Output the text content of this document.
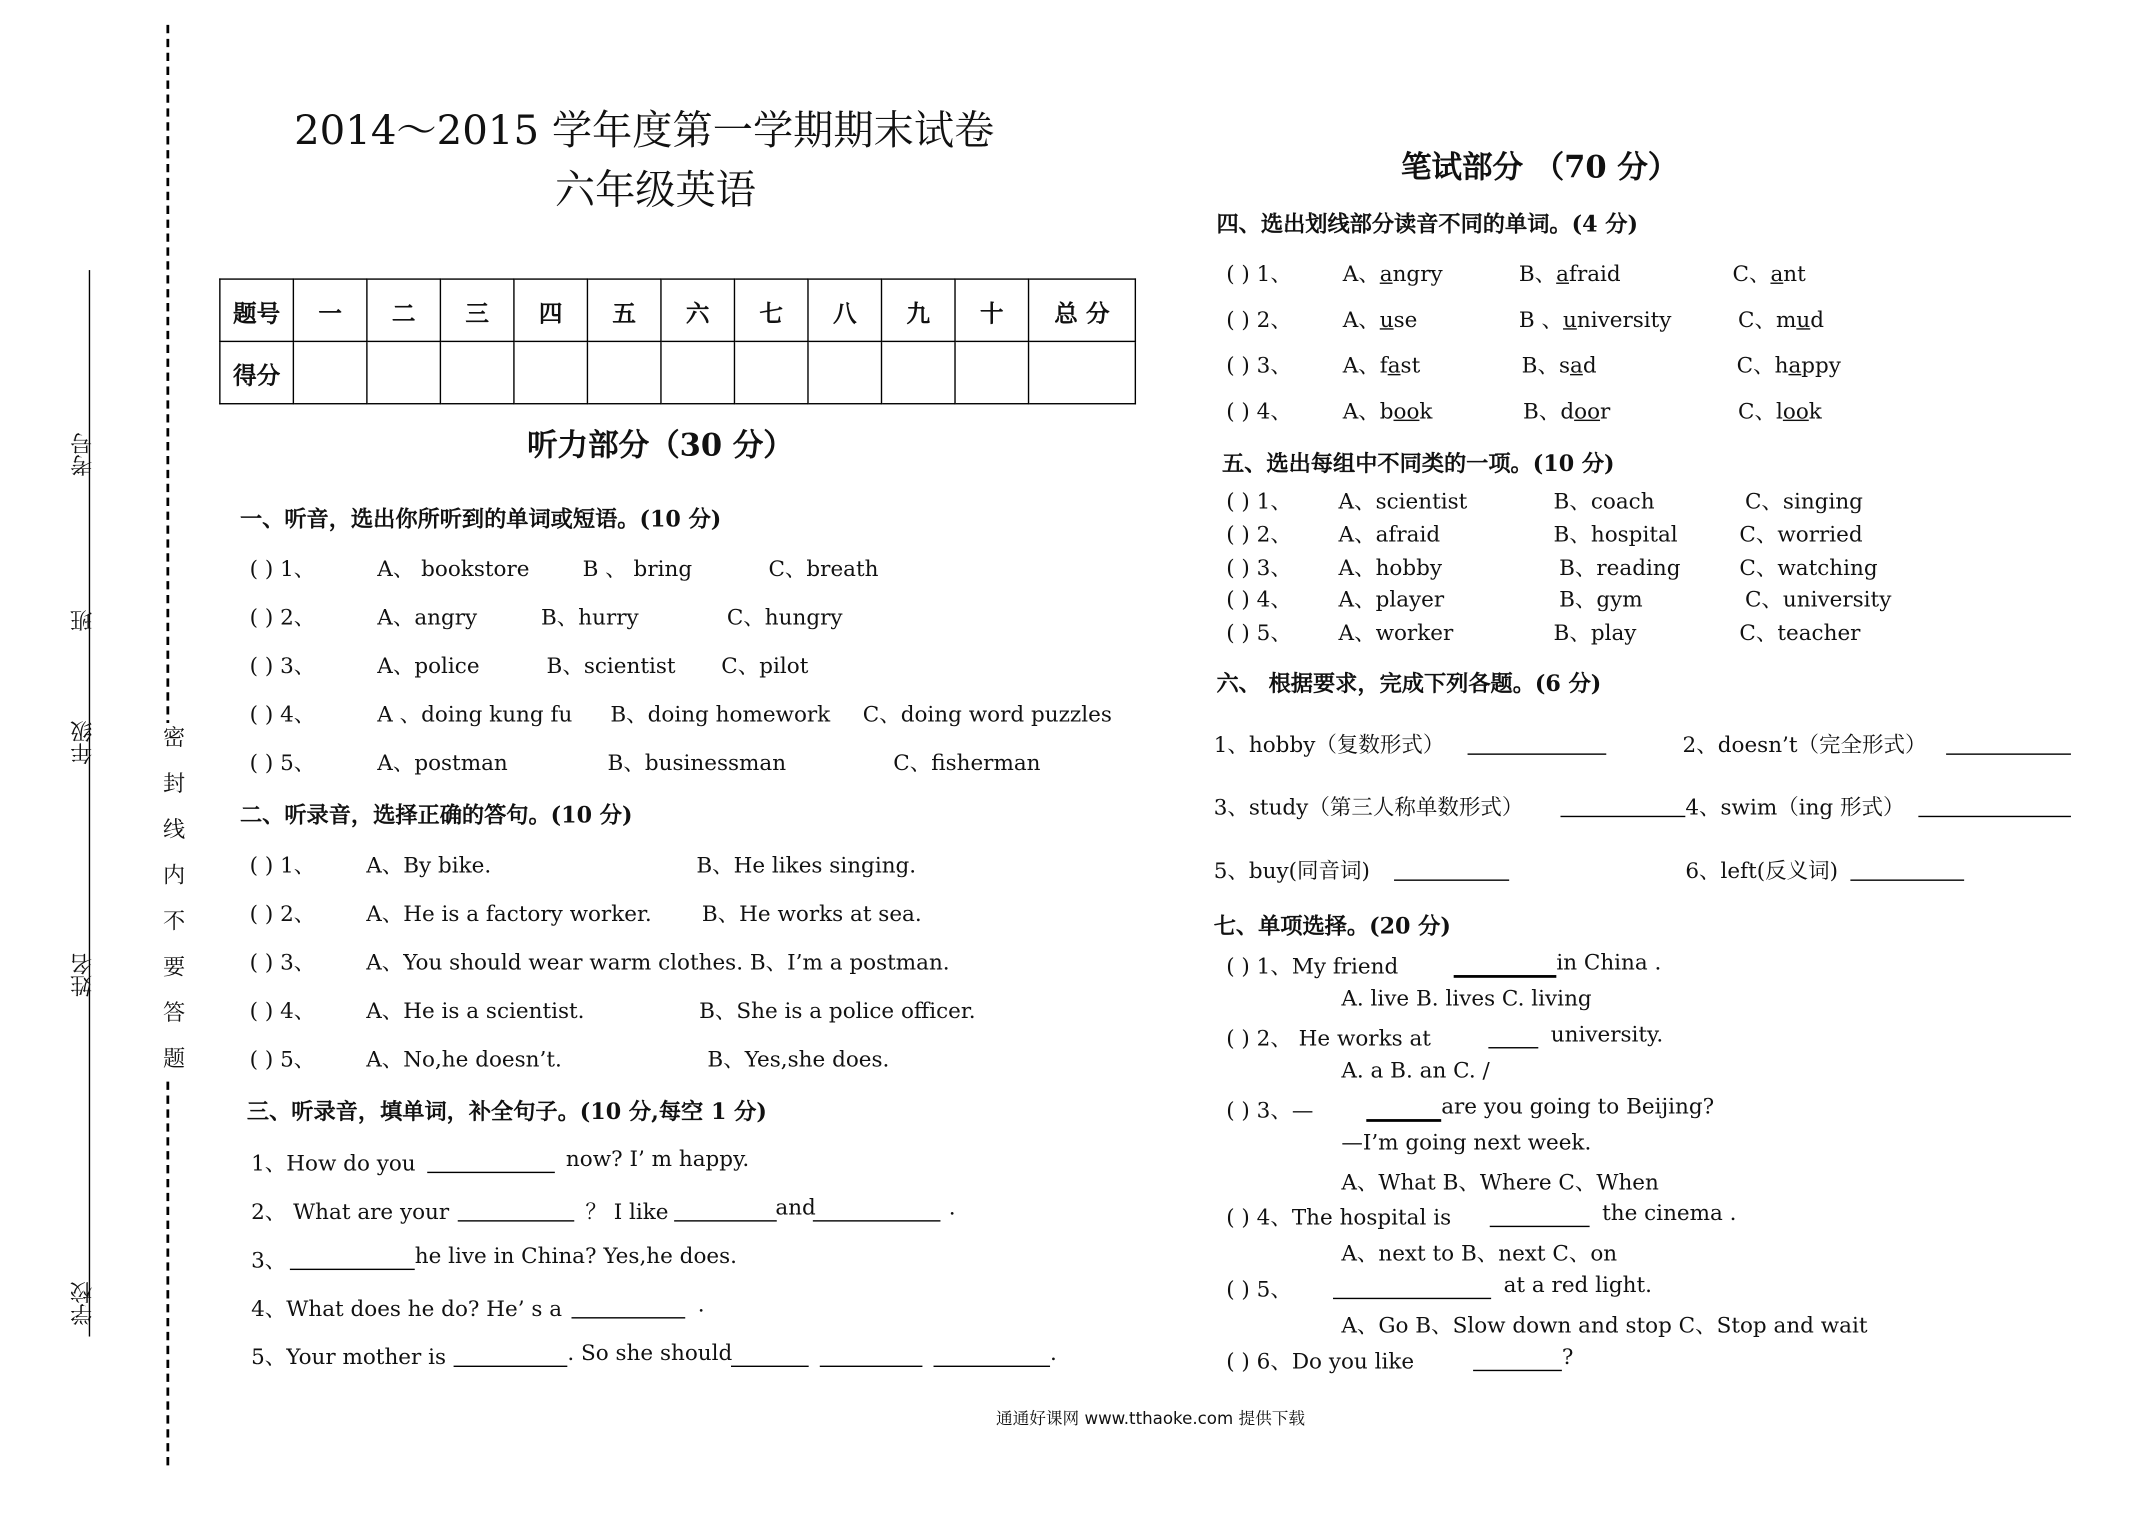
学校
姓名
年级
班
考号
密 封 线 内 不 要 答 题
2014～2015 学年度第一学期期末试卷
六年级英语
题号	一	二	三	四	五	六	七	八	九	十	总 分
得分											
听力部分（30 分）
一、听音，选出你所听到的单词或短语。(10 分)
( ) 1、	A、 bookstore	B 、 bring	C、breath
( ) 2、	A、angry	B、hurry	C、hungry
( ) 3、	A、police	B、scientist	C、pilot
( ) 4、	A 、doing kung fu B、doing homework C、doing word puzzles
( ) 5、	A、postman	B、businessman	C、fisherman
二、听录音，选择正确的答句。(10 分)
( ) 1、	A、By bike.	B、He likes singing.
( ) 2、	A、He is a factory worker.	B、He works at sea.
( ) 3、	A、You should wear warm clothes. B、I’m a postman.
( ) 4、	A、He is a scientist.	B、She is a police officer.
( ) 5、	A、No,he doesn’t.	B、Yes,she does.
三、听录音，填单词，补全句子。(10 分,每空 1 分)
1、How do you	now? I’ m happy.
2、 What are your	？ I like	and	.
3、	he live in China? Yes,he does.
4、What does he do? He’ s a	.
5、Your mother is	. So she should	.
笔试部分 （70 分）
四、选出划线部分读音不同的单词。(4 分)
( ) 1、	A、angry	B、afraid	C、ant
( ) 2、	A、use	B 、university	C、mud
( ) 3、	A、fast	B、sad	C、happy
( ) 4、	A、book	B、door	C、look
五、选出每组中不同类的一项。(10 分)
( ) 1、	A、scientist	B、coach	C、singing
( ) 2、	A、afraid	B、hospital	C、worried
( ) 3、	A、hobby	B、reading	C、watching
( ) 4、	A、player	B、gym	C、university
( ) 5、	A、worker	B、play	C、teacher
六、 根据要求，完成下列各题。(6 分)
1、hobby（复数形式）	2、doesn’t（完全形式）
3、study（第三人称单数形式）	4、swim（ing 形式）
5、buy(同音词)	6、left(反义词)
七、单项选择。(20 分)
( ) 1、My friend	in China .
A. live B. lives C. living
( ) 2、 He works at	university.
A. a B. an C. /
( ) 3、—	are you going to Beijing?
—I’m going next week.
A、What B、Where C、When
( ) 4、The hospital is	the cinema .
A、next to B、next C、on
( ) 5、	at a red light.
A、Go B、Slow down and stop C、Stop and wait
( ) 6、Do you like	?
通通好课网 www.tthaoke.com 提供下载
